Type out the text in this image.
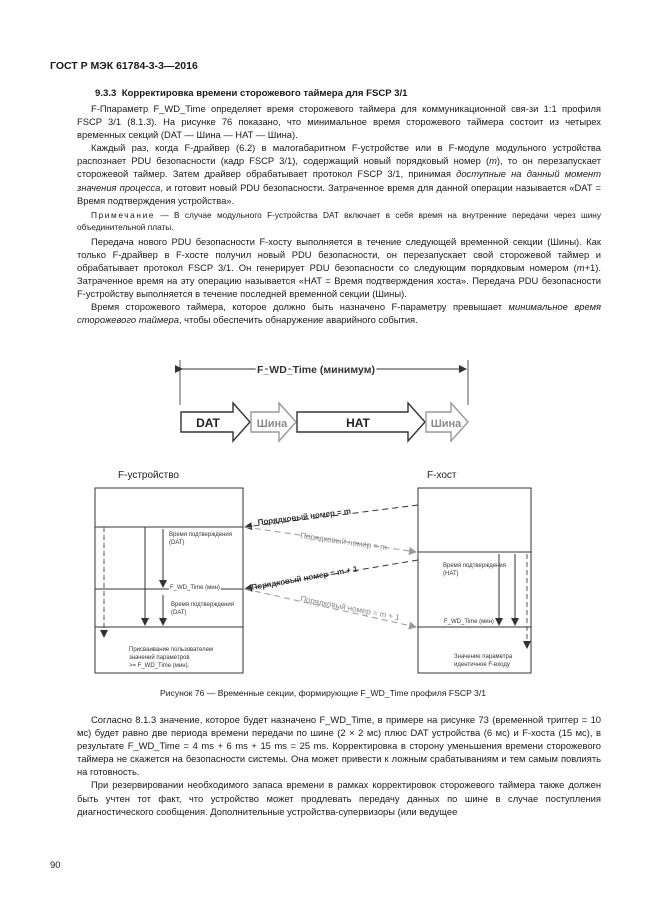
ГОСТ Р МЭК 61784-3-3—2016
9.3.3 Корректировка времени сторожевого таймера для FSCP 3/1

F-Ппараметр F_WD_Time определяет время сторожевого таймера для коммуникационной свя-зи 1:1 профиля FSCP 3/1 (8.1.3). На рисунке 76 показано, что минимальное время сторожевого таймера состоит из четырех временных секций (DAT — Шина — HAT — Шина).

Каждый раз, когда F-драйвер (6.2) в малогабаритном F-устройстве или в F-модуле модульного устройства распознает PDU безопасности (кадр FSCP 3/1), содержащий новый порядковый номер (m), то он перезапускает сторожевой таймер. Затем драйвер обрабатывает протокол FSCP 3/1, принимая доступные на данный момент значения процесса, и готовит новый PDU безопасности. Затраченное время для данной операции называется «DAT = Время подтверждения устройства».

Примечание — В случае модульного F-устройства DAT включает в себя время на внутренние передачи через шину объединительной платы.

Передача нового PDU безопасности F-хосту выполняется в течение следующей временной секции (Шины). Как только F-драйвер в F-хосте получил новый PDU безопасности, он перезапускает свой сторожевой таймер и обрабатывает протокол FSCP 3/1. Он генерирует PDU безопасности со следующим порядковым номером (m+1). Затраченное время на эту операцию называется «HAT = Время подтверждения хоста». Передача PDU безопасности F-устройству выполняется в течение последней временной секции (Шины).

Время сторожевого таймера, которое должно быть назначено F-параметру превышает минимальное время сторожевого таймера, чтобы обеспечить обнаружение аварийного события.

F_WD_Time (минимум)
DAT	Шина	HAT	Шина
F-устройство	F-хост
Время подтверждения
(DAT)
F_WD_Time (мин)
Время подтверждения
(DAT)
Присваивание пользователем
значений параметров
>= F_WD_Time (мин).
Время подтверждения
(HAT)
F_WD_Time (мин)
Значение параметра
идентичное F-входу
Порядковый номер = m
Порядковый номер = m
Порядковый номер = m + 1
Порядковый номер = m + 1
Рисунок 76 — Временные секции, формирующие F_WD_Time профиля FSCP 3/1

Согласно 8.1.3 значение, которое будет назначено F_WD_Time, в примере на рисунке 73 (временной триггер = 10 мс) будет равно две периода времени передачи по шине (2 × 2 мс) плюс DAT устройства (6 мс) и F-хоста (15 мс), в результате F_WD_Time = 4 ms + 6 ms + 15 ms = 25 ms. Корректировка в сторону уменьшения времени сторожевого таймера не скажется на безопасности системы. Она может привести к ложным срабатываниям и тем самым повлиять на готовность.

При резервировании необходимого запаса времени в рамках корректировок сторожевого таймера также должен быть учтен тот факт, что устройство может продлевать передачу данных по шине в случае поступления диагностического сообщения. Дополнительные устройства-супервизоры (или ведущее

90
